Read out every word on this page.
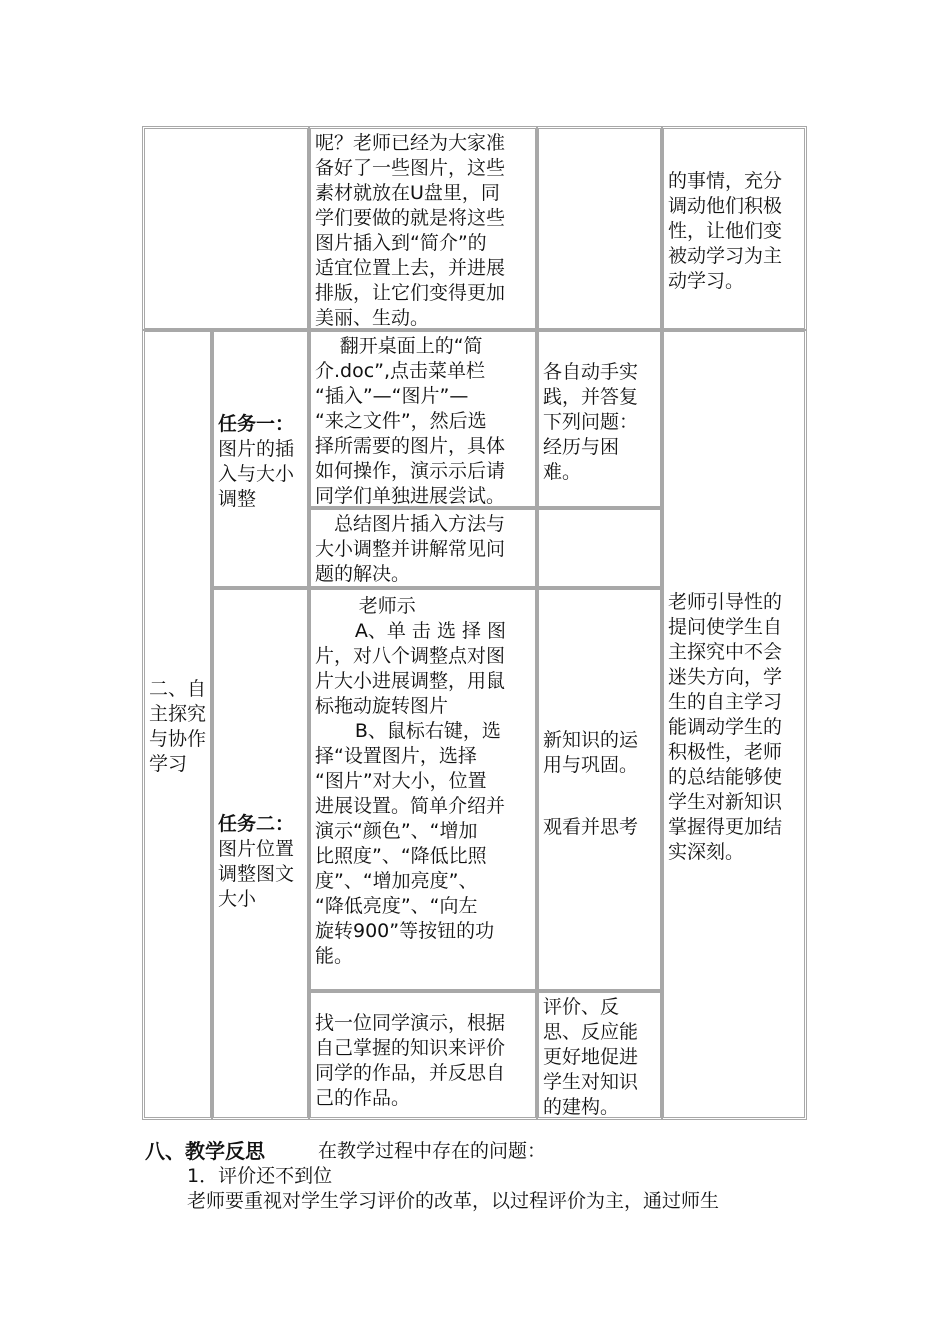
呢？老师已经为大家准

备好了一些图片，这些

素材就放在U盘里，同

学们要做的就是将这些

图片插入到“简介”的

适宜位置上去，并进展

排版，让它们变得更加

美丽、生动。

的事情，充分

调动他们积极

性，让他们变

被动学习为主

动学习。

二、自

主探究

与协作

学习

任务一：

图片的插

入与大小

调整

翻开桌面上的“简

介.doc”,点击菜单栏

“插入”—“图片”—

“来之文件”，然后选

择所需要的图片，具体

如何操作，演示示后请

同学们单独进展尝试。

各自动手实

践，并答复

下列问题：

经历与困

难。

总结图片插入方法与

大小调整并讲解常见问

题的解决。

任务二：

图片位置

调整图文

大小

老师示

A、单 击 选 择 图

片，对八个调整点对图

片大小进展调整，用鼠

标拖动旋转图片

B、鼠标右键，选

择“设置图片，选择

“图片”对大小，位置

进展设置。简单介绍并

演示“颜色”、“增加

比照度”、“降低比照

度”、“增加亮度”、

“降低亮度”、“向左

旋转900”等按钮的功

能。

新知识的运

用与巩固。

观看并思考

找一位同学演示，根据

自己掌握的知识来评价

同学的作品，并反思自

己的作品。

评价、反

思、反应能

更好地促进

学生对知识

的建构。

老师引导性的

提问使学生自

主探究中不会

迷失方向，学

生的自主学习

能调动学生的

积极性，老师

的总结能够使

学生对新知识

掌握得更加结

实深刻。

八、教学反思	在教学过程中存在的问题：
1．评价还不到位
老师要重视对学生学习评价的改革，以过程评价为主，通过师生
